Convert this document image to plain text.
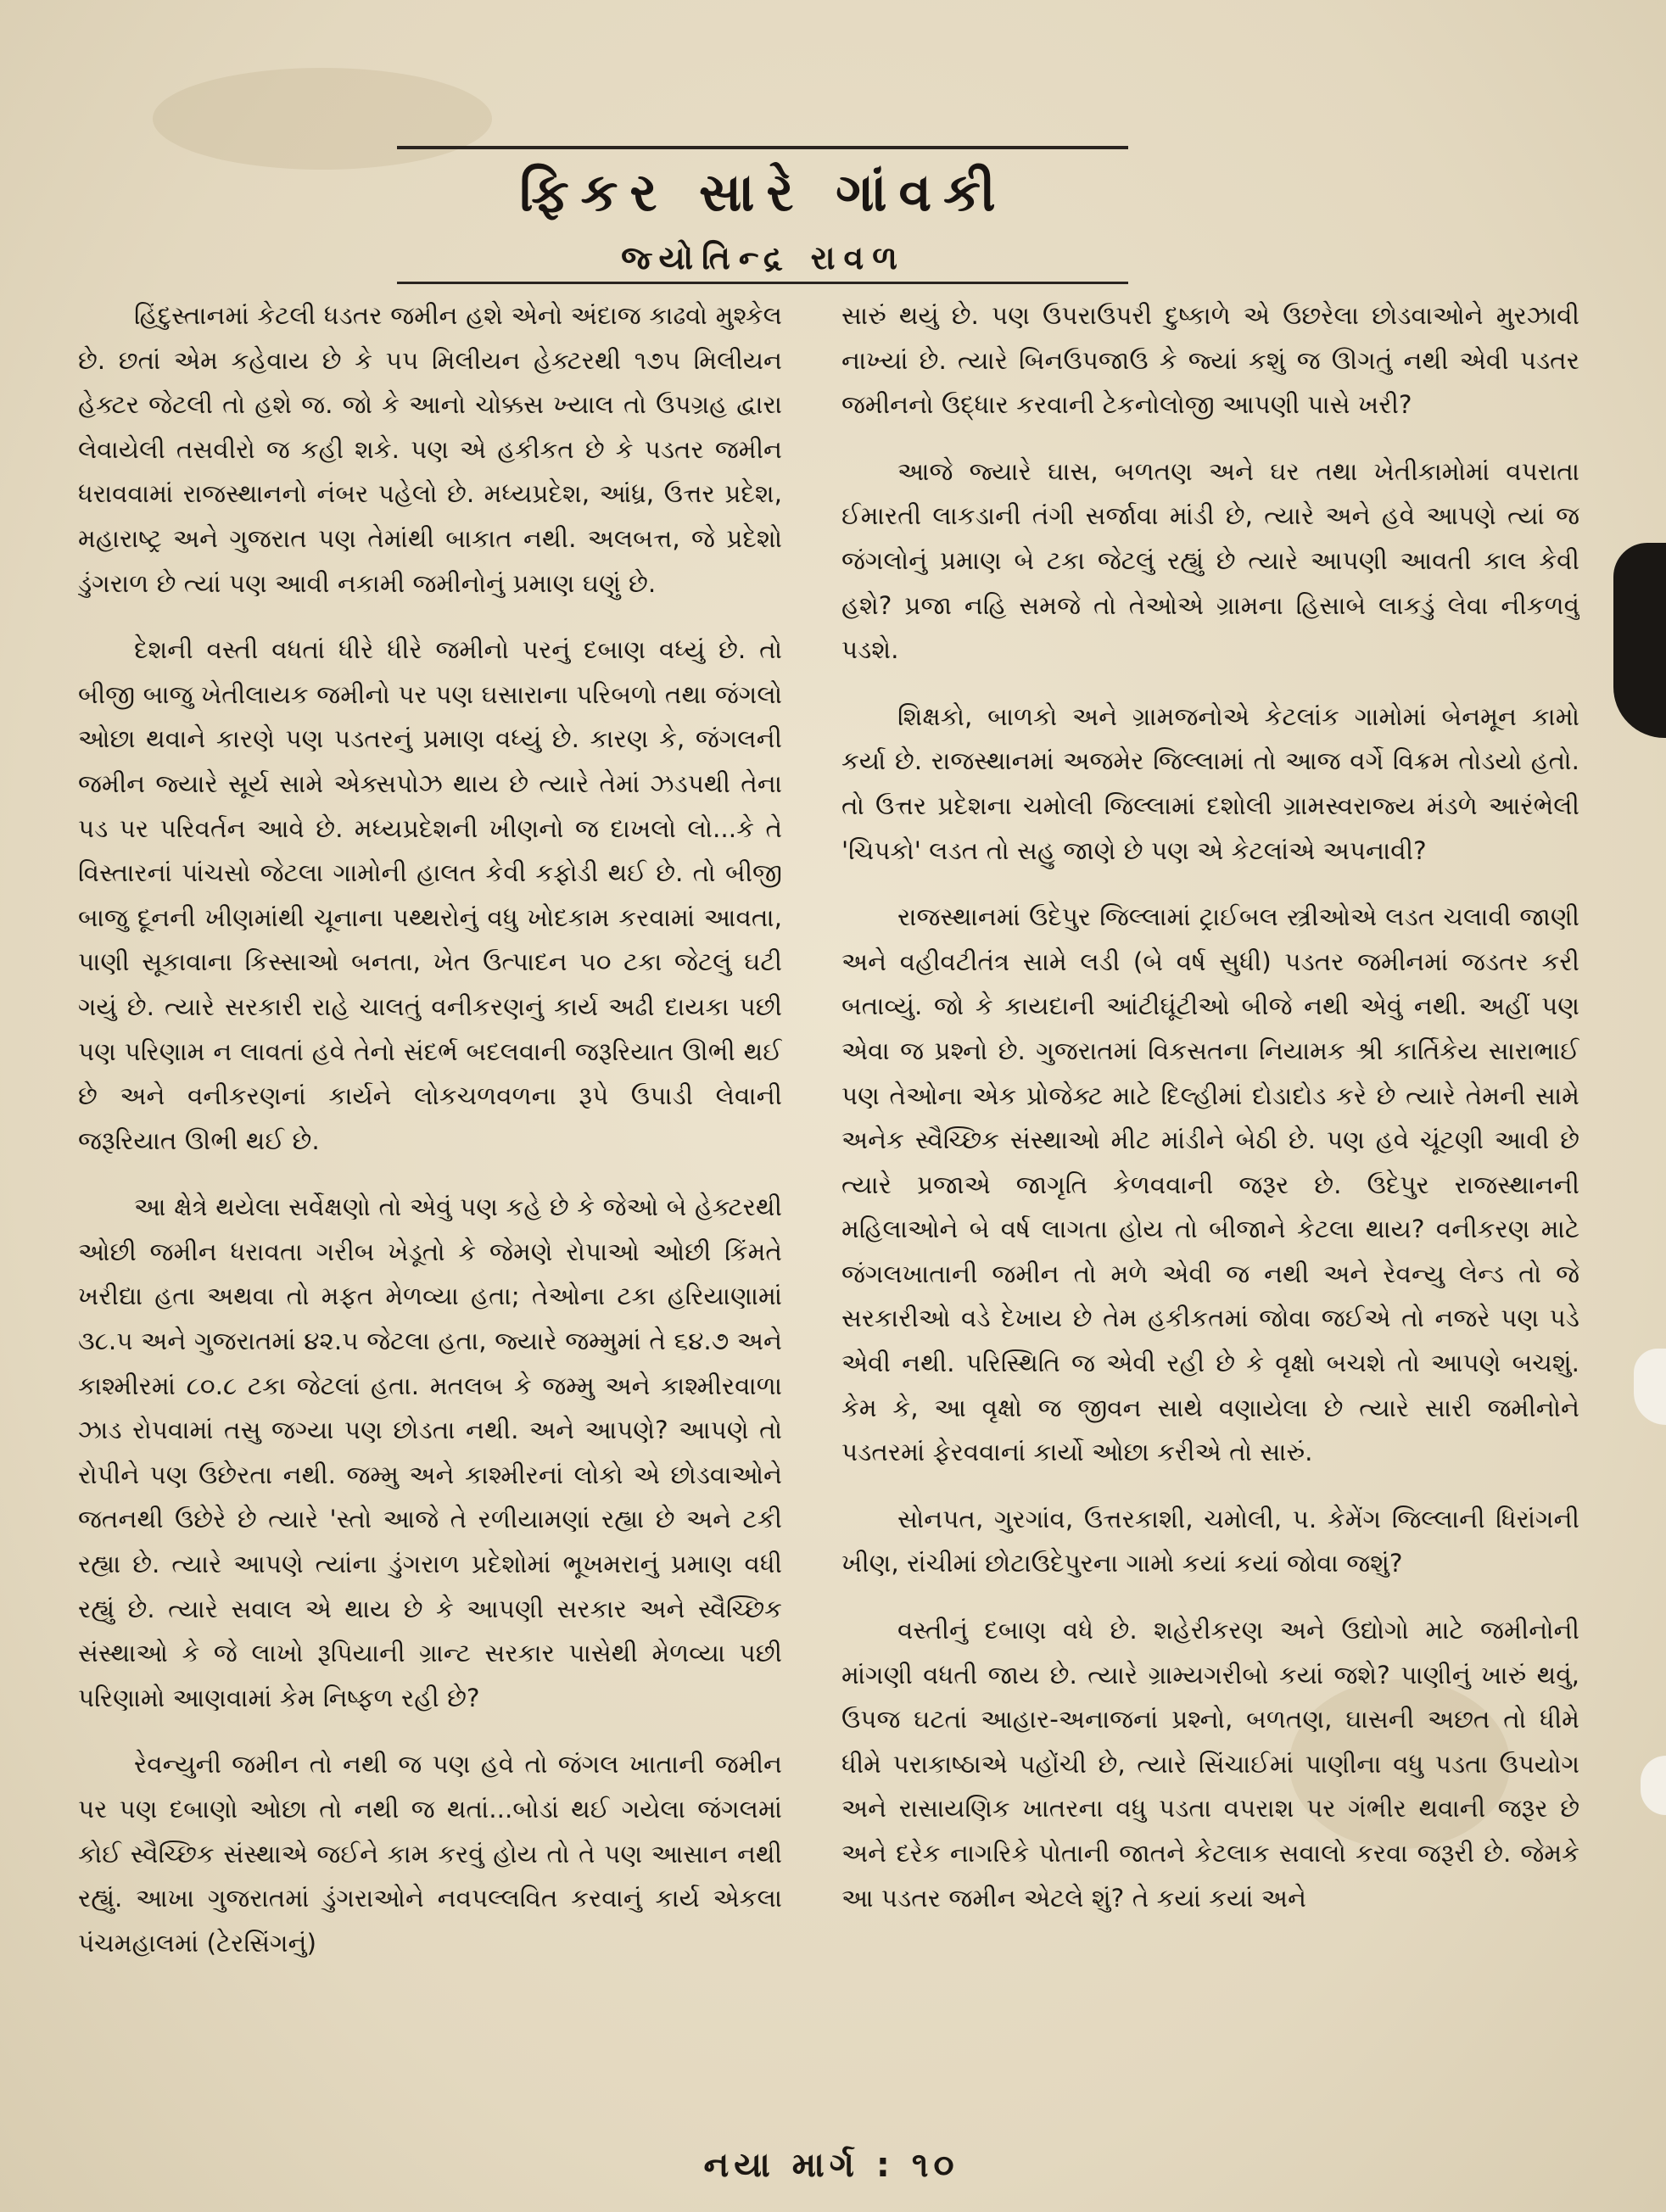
ફિકર સારે ગાંવકી
જ્યોતિન્દ્ર રાવળ

હિંદુસ્તાનમાં કેટલી ધડતર જમીન હશે એનો અંદાજ કાઢવો મુશ્કેલ છે. છતાં એમ કહેવાય છે કે ૫૫ મિલીયન હેક્ટરથી ૧૭૫ મિલીયન હેક્ટર જેટલી તો હશે જ. જો કે આનો ચોક્કસ ખ્યાલ તો ઉપગ્રહ દ્વારા લેવાયેલી તસવીરો જ કહી શકે. પણ એ હકીકત છે કે પડતર જમીન ધરાવવામાં રાજસ્થાનનો નંબર પહેલો છે. મધ્યપ્રદેશ, આંધ્ર, ઉત્તર પ્રદેશ, મહારાષ્ટ્ર અને ગુજરાત પણ તેમાંથી બાકાત નથી. અલબત્ત, જે પ્રદેશો ડુંગરાળ છે ત્યાં પણ આવી નકામી જમીનોનું પ્રમાણ ઘણું છે.

દેશની વસ્તી વધતાં ધીરે ધીરે જમીનો પરનું દબાણ વધ્યું છે. તો બીજી બાજુ ખેતીલાયક જમીનો પર પણ ઘસારાના પરિબળો તથા જંગલો ઓછા થવાને કારણે પણ પડતરનું પ્રમાણ વધ્યું છે. કારણ કે, જંગલની જમીન જ્યારે સૂર્ય સામે એક્સપોઝ થાય છે ત્યારે તેમાં ઝડપથી તેના પડ પર પરિવર્તન આવે છે. મધ્યપ્રદેશની ખીણનો જ દાખલો લો...કે તે વિસ્તારનાં પાંચસો જેટલા ગામોની હાલત કેવી કફોડી થઈ છે. તો બીજી બાજુ દૂનની ખીણમાંથી ચૂનાના પથ્થરોનું વધુ ખોદકામ કરવામાં આવતા, પાણી સૂકાવાના કિસ્સાઓ બનતા, ખેત ઉત્પાદન ૫૦ ટકા જેટલું ઘટી ગયું છે. ત્યારે સરકારી રાહે ચાલતું વનીકરણનું કાર્ય અઢી દાયકા પછી પણ પરિણામ ન લાવતાં હવે તેનો સંદર્ભ બદલવાની જરૂરિયાત ઊભી થઈ છે અને વનીકરણનાં કાર્યને લોકચળવળના રૂપે ઉપાડી લેવાની જરૂરિયાત ઊભી થઈ છે.

આ ક્ષેત્રે થયેલા સર્વેક્ષણો તો એવું પણ કહે છે કે જેઓ બે હેક્ટરથી ઓછી જમીન ધરાવતા ગરીબ ખેડૂતો કે જેમણે રોપાઓ ઓછી કિંમતે ખરીદ્યા હતા અથવા તો મફત મેળવ્યા હતા; તેઓના ટકા હરિયાણામાં ૩૮.૫ અને ગુજરાતમાં ૪૨.૫ જેટલા હતા, જ્યારે જમ્મુમાં તે ૬૪.૭ અને કાશ્મીરમાં ૮૦.૮ ટકા જેટલાં હતા. મતલબ કે જમ્મુ અને કાશ્મીરવાળા ઝાડ રોપવામાં તસુ જગ્યા પણ છોડતા નથી. અને આપણે? આપણે તો રોપીને પણ ઉછેરતા નથી. જમ્મુ અને કાશ્મીરનાં લોકો એ છોડવાઓને જતનથી ઉછેરે છે ત્યારે 'સ્તો આજે તે રળીયામણાં રહ્યા છે અને ટકી રહ્યા છે. ત્યારે આપણે ત્યાંના ડુંગરાળ પ્રદેશોમાં ભૂખમરાનું પ્રમાણ વધી રહ્યું છે. ત્યારે સવાલ એ થાય છે કે આપણી સરકાર અને સ્વૈચ્છિક સંસ્થાઓ કે જે લાખો રૂપિયાની ગ્રાન્ટ સરકાર પાસેથી મેળવ્યા પછી પરિણામો આણવામાં કેમ નિષ્ફળ રહી છે?

રેવન્યુની જમીન તો નથી જ પણ હવે તો જંગલ ખાતાની જમીન પર પણ દબાણો ઓછા તો નથી જ થતાં...બોડાં થઈ ગયેલા જંગલમાં કોઈ સ્વૈચ્છિક સંસ્થાએ જઈને કામ કરવું હોય તો તે પણ આસાન નથી રહ્યું. આખા ગુજરાતમાં ડુંગરાઓને નવપલ્લવિત કરવાનું કાર્ય એકલા પંચમહાલમાં (ટેરસિંગનું)

સારું થયું છે. પણ ઉપરાઉપરી દુષ્કાળે એ ઉછરેલા છોડવાઓને મુરઝાવી નાખ્યાં છે. ત્યારે બિનઉપજાઉ કે જ્યાં કશું જ ઊગતું નથી એવી પડતર જમીનનો ઉદ્ધાર કરવાની ટેકનોલોજી આપણી પાસે ખરી?

આજે જ્યારે ઘાસ, બળતણ અને ઘર તથા ખેતીકામોમાં વપરાતા ઈમારતી લાકડાની તંગી સર્જાવા માંડી છે, ત્યારે અને હવે આપણે ત્યાં જ જંગલોનું પ્રમાણ બે ટકા જેટલું રહ્યું છે ત્યારે આપણી આવતી કાલ કેવી હશે? પ્રજા નહિ સમજે તો તેઓએ ગ્રામના હિસાબે લાકડું લેવા નીકળવું પડશે.

શિક્ષકો, બાળકો અને ગ્રામજનોએ કેટલાંક ગામોમાં બેનમૂન કામો કર્યા છે. રાજસ્થાનમાં અજમેર જિલ્લામાં તો આજ વર્ગે વિક્રમ તોડયો હતો. તો ઉત્તર પ્રદેશના ચમોલી જિલ્લામાં દશોલી ગ્રામસ્વરાજ્ય મંડળે આરંભેલી 'ચિપકો' લડત તો સહુ જાણે છે પણ એ કેટલાંએ અપનાવી?

રાજસ્થાનમાં ઉદેપુર જિલ્લામાં ટ્રાઈબલ સ્ત્રીઓએ લડત ચલાવી જાણી અને વહીવટીતંત્ર સામે લડી (બે વર્ષ સુધી) પડતર જમીનમાં જડતર કરી બતાવ્યું. જો કે કાયદાની આંટીઘૂંટીઓ બીજે નથી એવું નથી. અહીં પણ એવા જ પ્રશ્નો છે. ગુજરાતમાં વિકસતના નિયામક શ્રી કાર્તિકેય સારાભાઈ પણ તેઓના એક પ્રોજેક્ટ માટે દિલ્હીમાં દોડાદોડ કરે છે ત્યારે તેમની સામે અનેક સ્વૈચ્છિક સંસ્થાઓ મીટ માંડીને બેઠી છે. પણ હવે ચૂંટણી આવી છે ત્યારે પ્રજાએ જાગૃતિ કેળવવાની જરૂર છે. ઉદેપુર રાજસ્થાનની મહિલાઓને બે વર્ષ લાગતા હોય તો બીજાને કેટલા થાય? વનીકરણ માટે જંગલખાતાની જમીન તો મળે એવી જ નથી અને રેવન્યુ લેન્ડ તો જે સરકારીઓ વડે દેખાય છે તેમ હકીકતમાં જોવા જઈએ તો નજરે પણ પડે એવી નથી. પરિસ્થિતિ જ એવી રહી છે કે વૃક્ષો બચશે તો આપણે બચશું. કેમ કે, આ વૃક્ષો જ જીવન સાથે વણાયેલા છે ત્યારે સારી જમીનોને પડતરમાં ફેરવવાનાં કાર્યો ઓછા કરીએ તો સારું.

સોનપત, ગુરગાંવ, ઉત્તરકાશી, ચમોલી, પ. કેમેંગ જિલ્લાની ધિરાંગની ખીણ, રાંચીમાં છોટાઉદેપુરના ગામો કયાં કયાં જોવા જશું?

વસ્તીનું દબાણ વધે છે. શહેરીકરણ અને ઉદ્યોગો માટે જમીનોની માંગણી વધતી જાય છે. ત્યારે ગ્રામ્યગરીબો કયાં જશે? પાણીનું ખારું થવું, ઉપજ ઘટતાં આહાર-અનાજનાં પ્રશ્નો, બળતણ, ઘાસની અછત તો ધીમે ધીમે પરાકાષ્ઠાએ પહોંચી છે, ત્યારે સિંચાઈમાં પાણીના વધુ પડતા ઉપયોગ અને રાસાયણિક ખાતરના વધુ પડતા વપરાશ પર ગંભીર થવાની જરૂર છે અને દરેક નાગરિકે પોતાની જાતને કેટલાક સવાલો કરવા જરૂરી છે. જેમકે આ પડતર જમીન એટલે શું? તે કયાં કયાં અને

નયા માર્ગ : ૧૦
